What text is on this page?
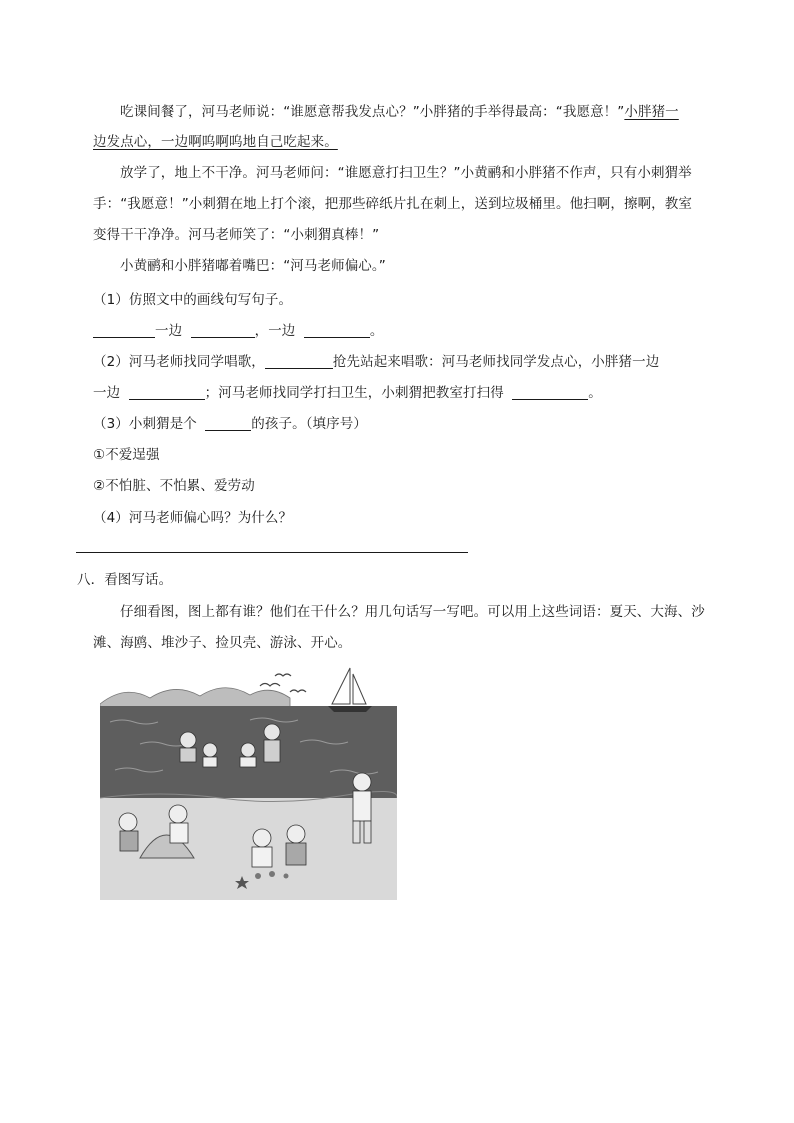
吃课间餐了，河马老师说：“谁愿意帮我发点心？”小胖猪的手举得最高：“我愿意！”小胖猪一
边发点心，一边啊呜啊呜地自己吃起来。
放学了，地上不干净。河马老师问：“谁愿意打扫卫生？”小黄鹂和小胖猪不作声，只有小刺猬举
手：“我愿意！”小刺猬在地上打个滚，把那些碎纸片扎在刺上，送到垃圾桶里。他扫啊，擦啊，教室
变得干干净净。河马老师笑了：“小刺猬真棒！”
小黄鹂和小胖猪嘟着嘴巴：“河马老师偏心。”
（1）仿照文中的画线句写句子。
一边	，一边	。
（2）河马老师找同学唱歌，	抢先站起来唱歌：河马老师找同学发点心，小胖猪一边
一边	；河马老师找同学打扫卫生，小刺猬把教室打扫得	。
（3）小刺猬是个	的孩子。（填序号）
①不爱逞强
②不怕脏、不怕累、爱劳动
（4）河马老师偏心吗？为什么？
八．看图写话。
仔细看图，图上都有谁？他们在干什么？用几句话写一写吧。可以用上这些词语：夏天、大海、沙
滩、海鸥、堆沙子、捡贝壳、游泳、开心。
